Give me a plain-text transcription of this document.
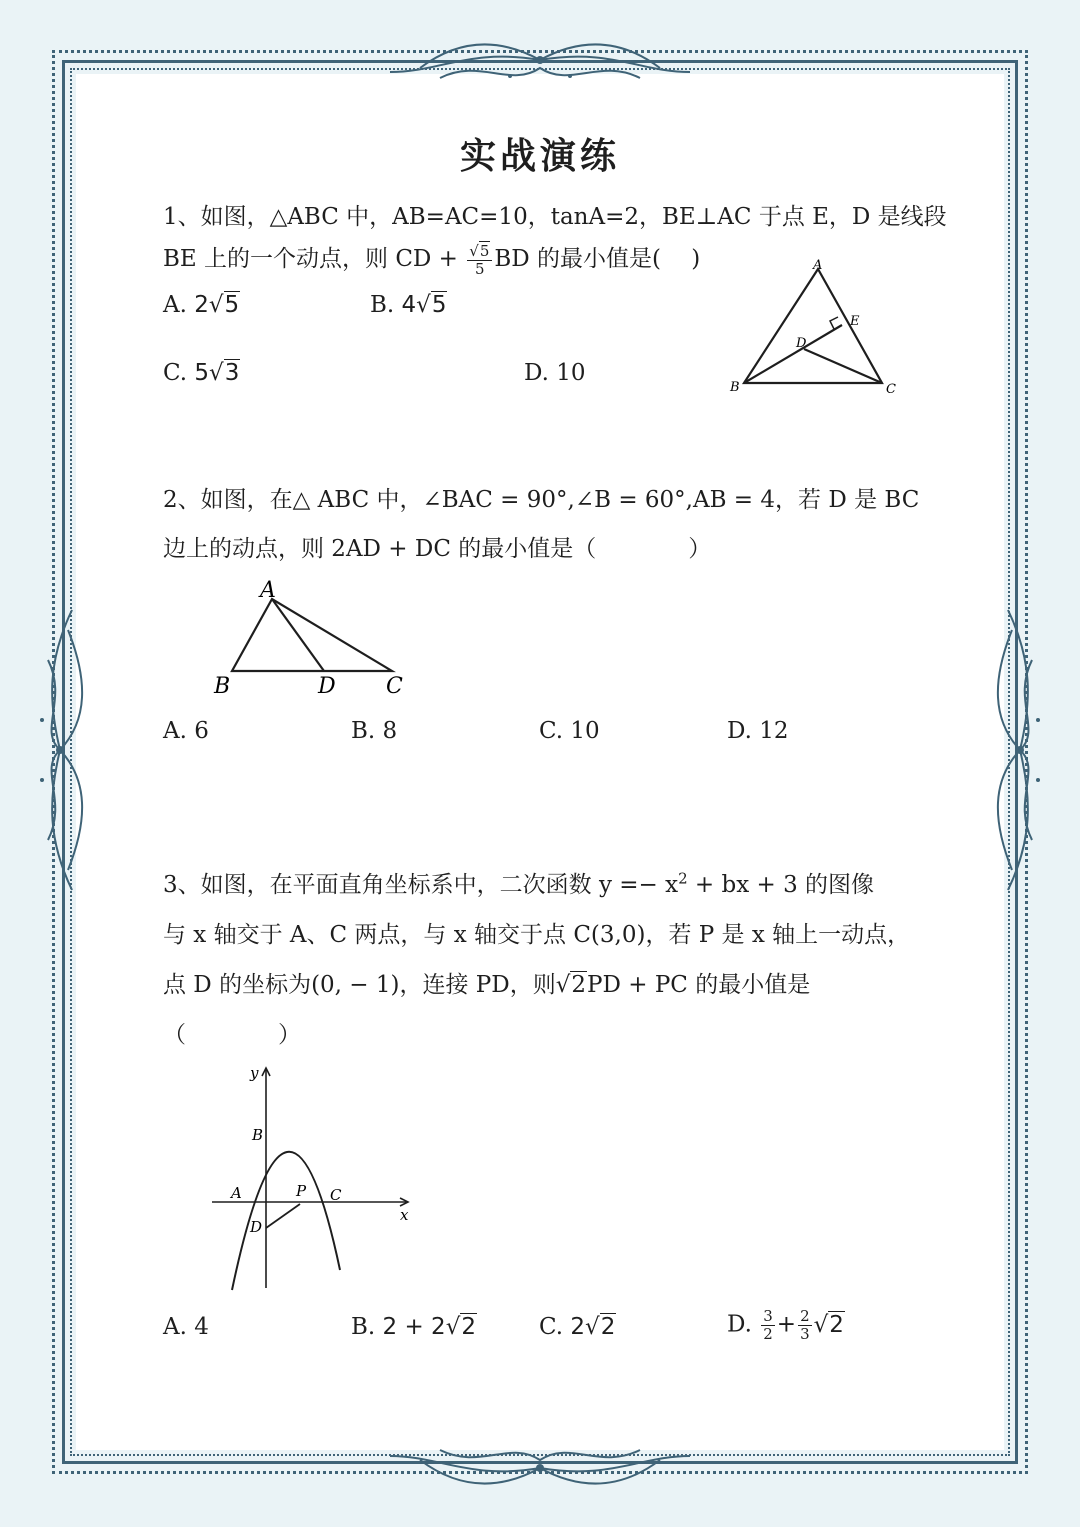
实战演练
1、如图，△ABC 中，AB=AC=10，tanA=2，BE⊥AC 于点 E，D 是线段
BE 上的一个动点，则 CD + $\frac{√5}{5}$ BD 的最小值是(　 )
A. 2√5	B. 4√5
C. 5√3	D. 10
A
B	C
D
E
2、如图，在△ ABC 中，∠BAC = 90°,∠B = 60°,AB = 4，若 D 是 BC
边上的动点，则 2AD + DC 的最小值是（　　　　）
A
B	D C
A. 6	B. 8	C. 10	D. 12
3、如图，在平面直角坐标系中，二次函数 $y =- x^2$ + bx + 3 的图像
与 x 轴交于 A、C 两点，与 x 轴交于点 C(3,0)，若 P 是 x 轴上一动点，
点 D 的坐标为(0, − 1)，连接 PD，则√2PD + PC 的最小值是
（　　　　）
y
x
B
A	P C
D
A. 4	B. 2 + 2√2	C. 2√2	D. $\frac{3}{2} + \frac{2}{3} √2$
